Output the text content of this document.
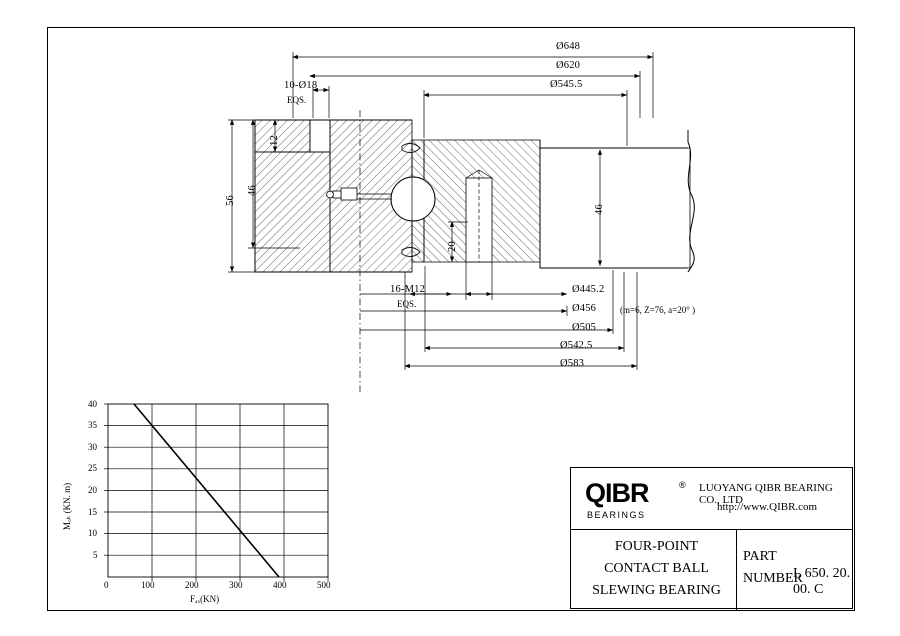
Ø648
Ø620
Ø545.5
10-Ø18
EQS.
16-M12
EQS.
Ø445.2
Ø456	(m=6, Z=76, a=20° )
Ø505
Ø542.5
Ø583
56
46
12
20
46
40
35
30
25
20
15
10
5
0	100	200	300	400	500
Mₒₖ (KN. m)
Fₐₓ(KN)
QIBR	®
BEARINGS
LUOYANG QIBR BEARING CO., LTD
http://www.QIBR.com
FOUR-POINT
CONTACT BALL
SLEWING BEARING
PART
NUMBER
I. 650. 20. 00. C
